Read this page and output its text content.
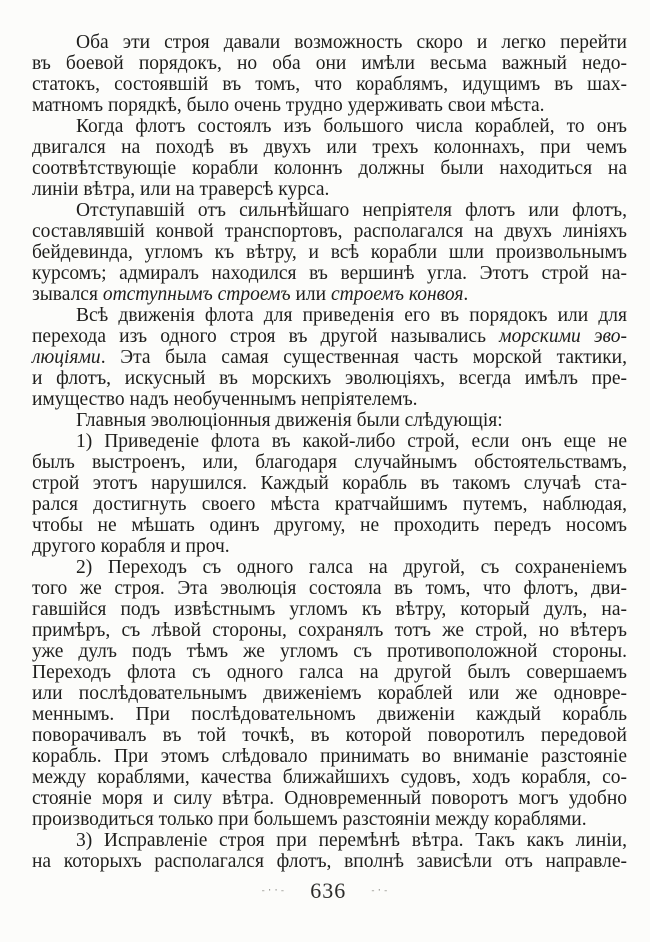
Оба эти строя давали возможность скоро и легко перейти
въ боевой порядокъ, но оба они имѣли весьма важный недо-
статокъ, состоявшій въ томъ, что кораблямъ, идущимъ въ шах-
матномъ порядкѣ, было очень трудно удерживать свои мѣста.
Когда флотъ состоялъ изъ большого числа кораблей, то онъ
двигался на походѣ въ двухъ или трехъ колоннахъ, при чемъ
соотвѣтствующіе корабли колоннъ должны были находиться на
линіи вѣтра, или на траверсѣ курса.
Отступавшій отъ сильнѣйшаго непріятеля флотъ или флотъ,
составлявшій конвой транспортовъ, располагался на двухъ линіяхъ
бейдевинда, угломъ къ вѣтру, и всѣ корабли шли произвольнымъ
курсомъ; адмиралъ находился въ вершинѣ угла. Этотъ строй на-
зывался отступнымъ строемъ или строемъ конвоя.
Всѣ движенія флота для приведенія его въ порядокъ или для
перехода изъ одного строя въ другой назывались морскими эво-
люціями. Эта была самая существенная часть морской тактики,
и флотъ, искусный въ морскихъ эволюціяхъ, всегда имѣлъ пре-
имущество надъ необученнымъ непріятелемъ.
Главныя эволюціонныя движенія были слѣдующія:
1) Приведеніе флота въ какой-либо строй, если онъ еще не
былъ выстроенъ, или, благодаря случайнымъ обстоятельствамъ,
строй этотъ нарушился. Каждый корабль въ такомъ случаѣ ста-
рался достигнуть своего мѣста кратчайшимъ путемъ, наблюдая,
чтобы не мѣшать одинъ другому, не проходить передъ носомъ
другого корабля и проч.
2) Переходъ съ одного галса на другой, съ сохраненіемъ
того же строя. Эта эволюція состояла въ томъ, что флотъ, дви-
гавшійся подъ извѣстнымъ угломъ къ вѣтру, который дулъ, на-
примѣръ, съ лѣвой стороны, сохранялъ тотъ же строй, но вѣтеръ
уже дулъ подъ тѣмъ же угломъ съ противоположной стороны.
Переходъ флота съ одного галса на другой былъ совершаемъ
или послѣдовательнымъ движеніемъ кораблей или же одновре-
меннымъ. При послѣдовательномъ движеніи каждый корабль
поворачивалъ въ той точкѣ, въ которой поворотилъ передовой
корабль. При этомъ слѣдовало принимать во вниманіе разстояніе
между кораблями, качества ближайшихъ судовъ, ходъ корабля, со-
стояніе моря и силу вѣтра. Одновременный поворотъ могъ удобно
производиться только при большемъ разстояніи между кораблями.
3) Исправленіе строя при перемѣнѣ вѣтра. Такъ какъ линіи,
на которыхъ располагался флотъ, вполнѣ зависѣли отъ направле-
-··- 636	-·-
